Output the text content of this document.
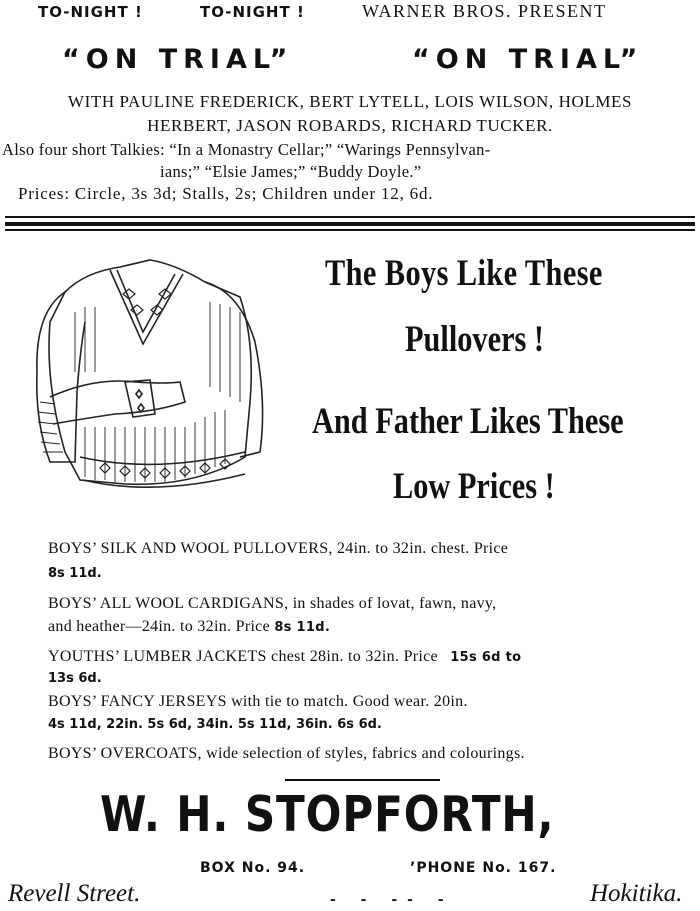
TO-NIGHT !	TO-NIGHT !	WARNER BROS. PRESENT
“ON TRIAL”	“ON TRIAL”
WITH PAULINE FREDERICK, BERT LYTELL, LOIS WILSON, HOLMES
HERBERT, JASON ROBARDS, RICHARD TUCKER.
Also four short Talkies: “In a Monastry Cellar;” “Warings Pennsylvan-
ians;” “Elsie James;” “Buddy Doyle.”
Prices: Circle, 3s 3d; Stalls, 2s; Children under 12, 6d.
The Boys Like These
Pullovers !
And Father Likes These
Low Prices !
BOYS’ SILK AND WOOL PULLOVERS, 24in. to 32in. chest. Price
8s 11d.
BOYS’ ALL WOOL CARDIGANS, in shades of lovat, fawn, navy,
and heather—24in. to 32in. Price 8s 11d.
YOUTHS’ LUMBER JACKETS chest 28in. to 32in. Price 15s 6d to
13s 6d.
BOYS’ FANCY JERSEYS with tie to match. Good wear. 20in.
4s 11d, 22in. 5s 6d, 34in. 5s 11d, 36in. 6s 6d.
BOYS’ OVERCOATS, wide selection of styles, fabrics and colourings.
W. H. STOPFORTH,
BOX No. 94.	’PHONE No. 167.
Revell Street.	- - -- -	Hokitika.
